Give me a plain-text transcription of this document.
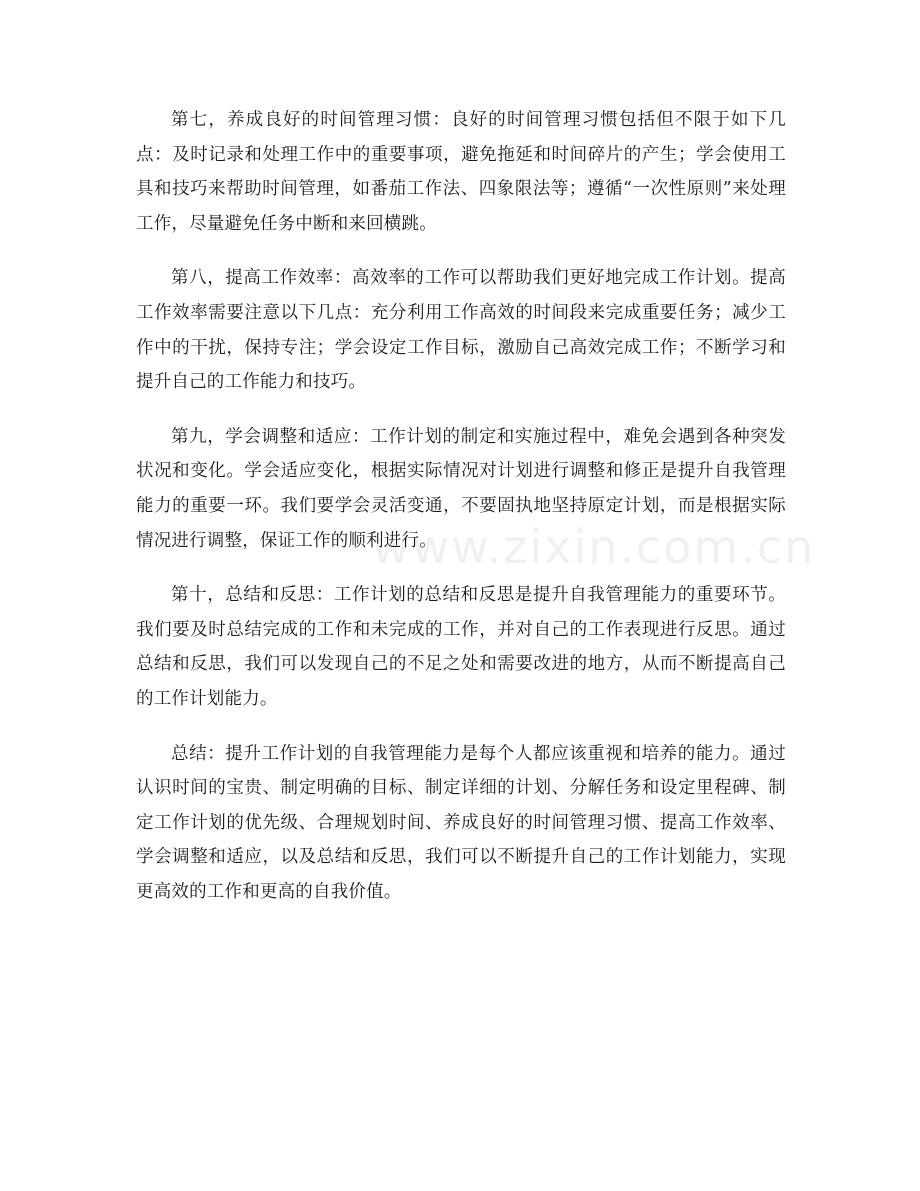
www.zixin.com.cn

第七，养成良好的时间管理习惯：良好的时间管理习惯包括但不限于如下几点：及时记录和处理工作中的重要事项，避免拖延和时间碎片的产生；学会使用工具和技巧来帮助时间管理，如番茄工作法、四象限法等；遵循“一次性原则”来处理工作，尽量避免任务中断和来回横跳。

第八，提高工作效率：高效率的工作可以帮助我们更好地完成工作计划。提高工作效率需要注意以下几点：充分利用工作高效的时间段来完成重要任务；减少工作中的干扰，保持专注；学会设定工作目标，激励自己高效完成工作；不断学习和提升自己的工作能力和技巧。

第九，学会调整和适应：工作计划的制定和实施过程中，难免会遇到各种突发状况和变化。学会适应变化，根据实际情况对计划进行调整和修正是提升自我管理能力的重要一环。我们要学会灵活变通，不要固执地坚持原定计划，而是根据实际情况进行调整，保证工作的顺利进行。

第十，总结和反思：工作计划的总结和反思是提升自我管理能力的重要环节。我们要及时总结完成的工作和未完成的工作，并对自己的工作表现进行反思。通过总结和反思，我们可以发现自己的不足之处和需要改进的地方，从而不断提高自己的工作计划能力。

总结：提升工作计划的自我管理能力是每个人都应该重视和培养的能力。通过认识时间的宝贵、制定明确的目标、制定详细的计划、分解任务和设定里程碑、制定工作计划的优先级、合理规划时间、养成良好的时间管理习惯、提高工作效率、学会调整和适应，以及总结和反思，我们可以不断提升自己的工作计划能力，实现更高效的工作和更高的自我价值。
